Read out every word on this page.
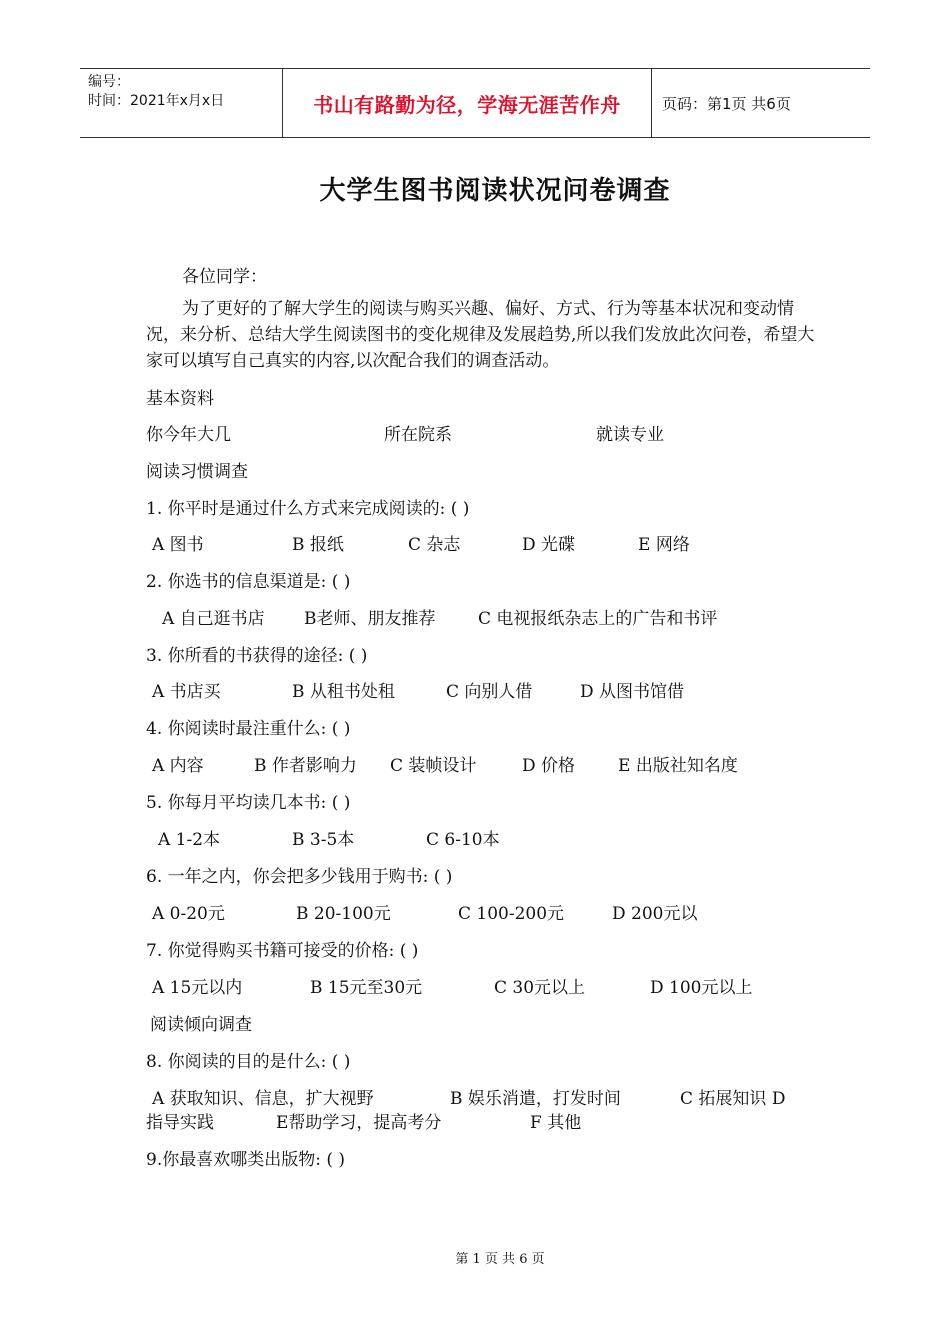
编号：
时间：2021年x月x日	书山有路勤为径，学海无涯苦作舟	页码：第1页 共6页
大学生图书阅读状况问卷调查
各位同学：
为了更好的了解大学生的阅读与购买兴趣、偏好、方式、行为等基本状况和变动情况，来分析、总结大学生阅读图书的变化规律及发展趋势,所以我们发放此次问卷，希望大家可以填写自己真实的内容,以次配合我们的调查活动。
基本资料
你今年大几	所在院系	就读专业
阅读习惯调查
1. 你平时是通过什么方式来完成阅读的: ( )
A 图书	B 报纸	C 杂志	D 光碟	E 网络
2. 你选书的信息渠道是: ( )
A 自己逛书店 B老师、朋友推荐	C 电视报纸杂志上的广告和书评
3. 你所看的书获得的途径: ( )
A 书店买	B 从租书处租	C 向别人借	D 从图书馆借
4. 你阅读时最注重什么: ( )
A 内容	B 作者影响力 C 装帧设计	D 价格	E 出版社知名度
5. 你每月平均读几本书: ( )
A 1-2本	B 3-5本	C 6-10本
6. 一年之内，你会把多少钱用于购书: ( )
A 0-20元	B 20-100元	C 100-200元	D 200元以
7. 你觉得购买书籍可接受的价格: ( )
A 15元以内	B 15元至30元	C 30元以上	D 100元以上
阅读倾向调查
8. 你阅读的目的是什么: ( )
A 获取知识、信息，扩大视野	B 娱乐消遣，打发时间	C 拓展知识 D
指导实践	E帮助学习，提高考分	F 其他
9.你最喜欢哪类出版物: ( )
第 1 页 共 6 页
